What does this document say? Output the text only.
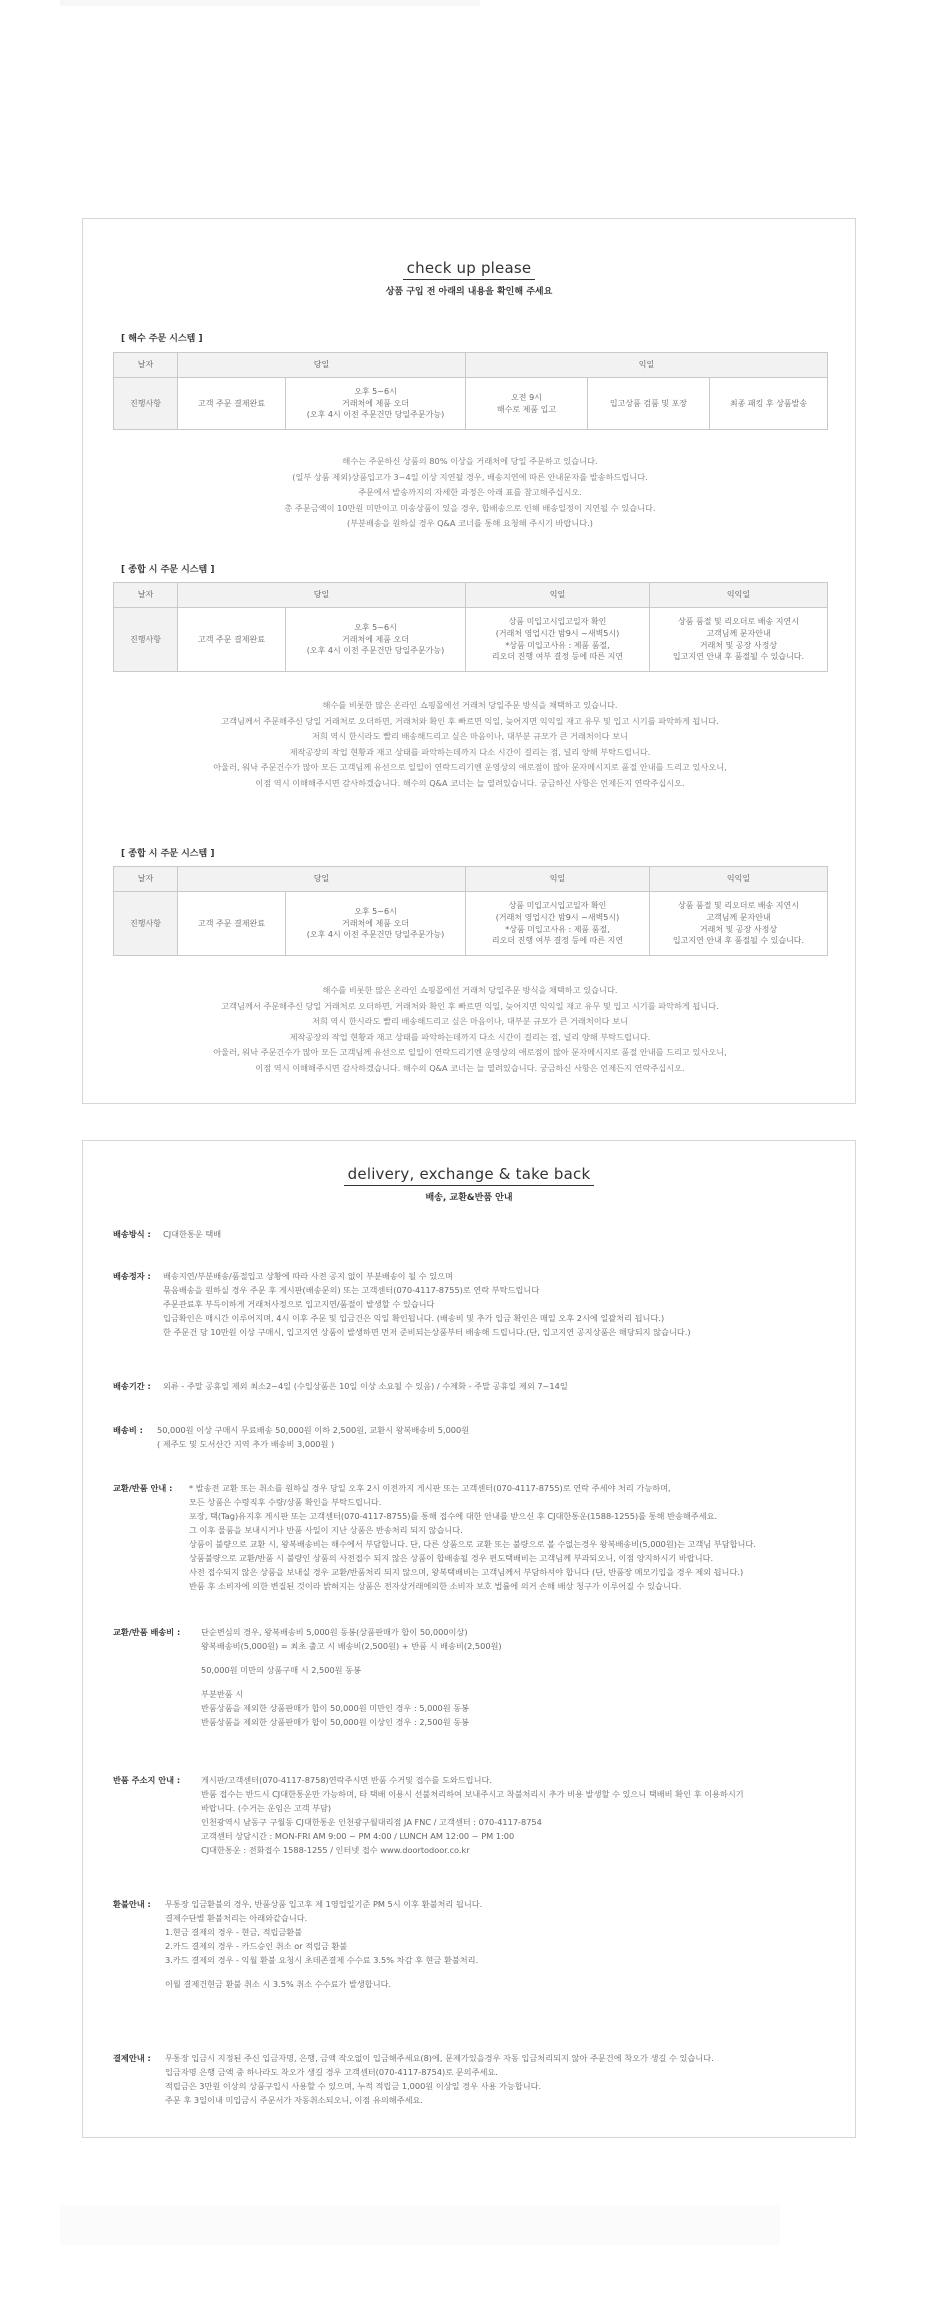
check up please
상품 구입 전 아래의 내용을 확인해 주세요
[ 해수 주문 시스템 ]
날자	당일		익일		
진행사항	고객 주문 결제완료	오후 5~6시
거래처에 제품 오더
(오후 4시 이전 주문건만 당일주문가능)	오전 9시
해수로 제품 입고	입고상품 검품 및 포장	최종 패킹 후 상품발송
해수는 주문하신 상품의 80% 이상을 거래처에 당일 주문하고 있습니다.
(일부 상품 제외)상품입고가 3~4일 이상 지연될 경우, 배송지연에 따른 안내문자를 발송하드립니다.
주문에서 발송까지의 자세한 과정은 아래 표를 참고해주십시오.
총 주문금액이 10만원 미만이고 미송상품이 있을 경우, 합배송으로 인해 배송일정이 지연될 수 있습니다.
(부분배송을 원하실 경우 Q&A 코너를 통해 요청해 주시기 바랍니다.)
[ 종합 시 주문 시스템 ]
날자	당일		익일	익익일
진행사항	고객 주문 결제완료	오후 5~6시
거래처에 제품 오더
(오후 4시 이전 주문건만 당일주문가능)	상품 미입고시입고일자 확인
(거래처 영업시간 밤9시 ~새벽5시)
*상품 미입고사유 : 제품 품절,
리오더 진행 여부 결정 등에 따른 지연	상품 품절 및 리오더로 배송 지연시
고객님께 문자안내
거래처 및 공장 사정상
입고지연 안내 후 품절될 수 있습니다.
해수를 비롯한 많은 온라인 쇼핑몰에선 거래처 당일주문 방식을 채택하고 있습니다.
고객님께서 주문해주신 당일 거래처로 오더하면, 거래처와 확인 후 빠르면 익일, 늦어지면 익익일 재고 유무 및 입고 시기를 파악하게 됩니다.
저희 역시 한시라도 빨리 배송해드리고 싶은 마음이나, 대부분 규모가 큰 거래처이다 보니
제작공장의 작업 현황과 재고 상태를 파악하는데까지 다소 시간이 걸리는 점, 널리 양해 부탁드립니다.
아울러, 워낙 주문건수가 많아 모든 고객님께 유선으로 일일이 연락드리기엔 운영상의 애로점이 많아 문자메시지로 품절 안내를 드리고 있사오니,
이점 역시 이해해주시면 감사하겠습니다. 해수의 Q&A 코너는 늘 열려있습니다. 궁금하신 사항은 언제든지 연락주십시오.
[ 종합 시 주문 시스템 ]
날자	당일		익일	익익일
진행사항	고객 주문 결제완료	오후 5~6시
거래처에 제품 오더
(오후 4시 이전 주문건만 당일주문가능)	상품 미입고시입고일자 확인
(거래처 영업시간 밤9시 ~새벽5시)
*상품 미입고사유 : 제품 품절,
리오더 진행 여부 결정 등에 따른 지연	상품 품절 및 리오더로 배송 지연시
고객님께 문자안내
거래처 및 공장 사정상
입고지연 안내 후 품절될 수 있습니다.
해수를 비롯한 많은 온라인 쇼핑몰에선 거래처 당일주문 방식을 채택하고 있습니다.
고객님께서 주문해주신 당일 거래처로 오더하면, 거래처와 확인 후 빠르면 익일, 늦어지면 익익일 재고 유무 및 입고 시기를 파악하게 됩니다.
저희 역시 한시라도 빨리 배송해드리고 싶은 마음이나, 대부분 규모가 큰 거래처이다 보니
제작공장의 작업 현황과 재고 상태를 파악하는데까지 다소 시간이 걸리는 점, 널리 양해 부탁드립니다.
아울러, 워낙 주문건수가 많아 모든 고객님께 유선으로 일일이 연락드리기엔 운영상의 애로점이 많아 문자메시지로 품절 안내를 드리고 있사오니,
이점 역시 이해해주시면 감사하겠습니다. 해수의 Q&A 코너는 늘 열려있습니다. 궁금하신 사항은 언제든지 연락주십시오.
delivery, exchange & take back
배송, 교환&반품 안내
배송방식 : CJ대한통운 택배
배송정자 : 배송지연/부분배송/품절입고 상황에 따라 사전 공지 없이 부분배송이 될 수 있으며
묶음배송을 원하실 경우 주문 후 게시판(배송문의) 또는 고객센터(070-4117-8755)로 연락 부탁드립니다
주문관료후 부득이하게 거래처사정으로 입고지연/품절이 발생할 수 있습니다
입금확인은 매시간 이루어지며, 4시 이후 주문 및 입금건은 익일 확인됩니다. (배송비 및 추가 입금 확인은 매일 오후 2시에 일괄처리 됩니다.)
한 주문건 당 10만원 이상 구매시, 입고지연 상품이 발생하면 먼저 준비되는상품부터 배송해 드립니다.(단, 입고지연 공지상품은 해당되지 않습니다.)
배송기간 : 외류 - 주말 공휴일 제외 최소2~4일 (수입상품은 10일 이상 소요될 수 있음) / 수제화 - 주말 공휴일 제외 7~14일
배송비 : 50,000원 이상 구매시 무료배송 50,000원 이하 2,500원, 교환시 왕복배송비 5,000원
( 제주도 및 도서산간 지역 추가 배송비 3,000원 )
교환/반품 안내 : * 발송전 교환 또는 취소를 원하실 경우 당일 오후 2시 이전까지 게시판 또는 고객센터(070-4117-8755)로 연락 주세야 처리 가능하며,
모든 상품은 수령직후 수량/상품 확인을 부탁드립니다.
포장, 택(Tag)유지후 게시판 또는 고객센터(070-4117-8755)를 통해 접수에 대한 안내를 받으신 후 CJ대한통운(1588-1255)를 통해 반송해주세요.
그 이후 물품을 보내시거나 반품 사일이 지난 상품은 반송처리 되지 않습니다.
상품이 불량으로 교환 시, 왕복배송비는 해수에서 부담합니다. 단, 다른 상품으로 교환 또는 불량으로 볼 수없는경우 왕복배송비(5,000원)는 고객님 부담합니다.
상품불량으로 교환/반품 시 불량인 상품의 사전접수 되지 않은 상품이 합배송될 경우 편도택배비는 고객님께 부과되오니, 이점 양지하시기 바랍니다.
사전 접수되지 않은 상품을 보내실 경우 교환/반품처리 되지 않으며, 왕복택배비는 고객님께서 부담하셔야 합니다 (단, 반품장 메모기입을 경우 제외 됩니다.)
반품 후 소비자에 의한 변질된 것이라 밝혀지는 상품은 전자상거래에의한 소비자 보호 법률에 의거 손해 배상 청구가 이루어질 수 있습니다.
교환/반품 배송비 :	단순변심의 경우, 왕복배송비 5,000원 동봉(상품판매가 합이 50,000이상)
왕복배송비(5,000원) = 최초 출고 시 배송비(2,500원) + 반품 시 배송비(2,500원)
50,000원 미만의 상품구매 시 2,500원 동봉
부분반품 시
반품상품을 제외한 상품판매가 합이 50,000원 미만인 경우 : 5,000원 동봉
반품상품을 제외한 상품판매가 합이 50,000원 이상인 경우 : 2,500원 동봉
반품 주소지 안내 :	게시판/고객센터(070-4117-8758)연락주시면 반품 수거및 접수를 도와드립니다.
반품 접수는 반드시 CJ대한통운만 가능하며, 타 택배 이용시 선불처리하여 보내주시고 착불처리시 추가 비용 발생할 수 있으니 택배비 확인 후 이용하시기
바랍니다. (수거는 운임은 고객 부담)
인천광역시 남동구 구월동 CJ대한통운 인천광구월대리점 JA FNC / 고객센터 : 070-4117-8754
고객센터 상담시간 : MON-FRI AM 9:00 ~ PM 4:00 / LUNCH AM 12:00 ~ PM 1:00
CJ대한통운 : 전화접수 1588-1255 / 인터넷 접수 www.doortodoor.co.kr
환불안내 : 무통장 입금환불의 경우, 반품상품 입고후 제 1영업일기준 PM 5시 이후 환불처리 됩니다.
결제수단별 환불처리는 아래와같습니다.
1.현금 결제의 경우 - 현금, 적립금환불
2.카드 결제의 경우 - 카드승인 취소 or 적립금 환불
3.카드 결제의 경우 - 익월 환불 요청시 초데존결제 수수료 3.5% 차감 후 현금 환불처리.
이월 결제건현금 환불 취소 시 3.5% 취소 수수료가 발생합니다.
결제안내 : 무통장 입금시 지정된 주신 입금자명, 은행, 금액 작오없이 입금해주세요(8)에, 문제가있을경우 자동 입금처리되지 않아 주문건에 착오가 생길 수 있습니다.
입금자명 은행 금액 중 하나라도 착오가 생길 경우 고객센터(070-4117-8754)로 문의주세요.
적립금은 3만원 이상의 상품구입시 사용할 수 있으며, 누적 적립금 1,000원 이상일 경우 사용 가능합니다.
주문 후 3일이내 미입금시 주문서가 자동취소되오니, 이점 유의해주세요.
